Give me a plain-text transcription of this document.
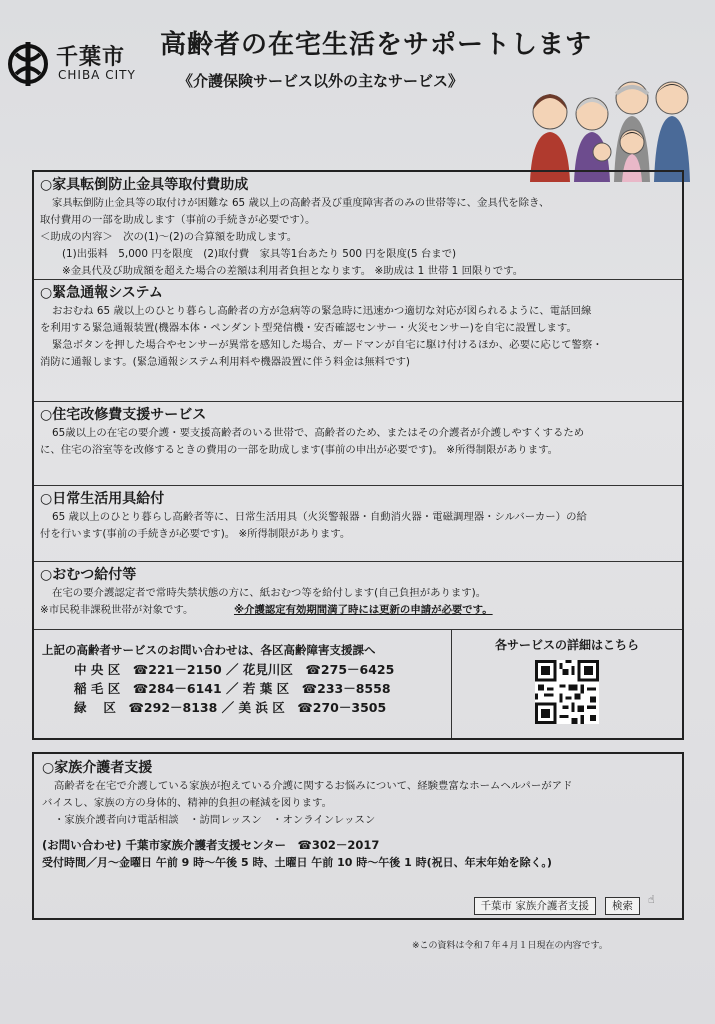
千葉市
CHIBA CITY
高齢者の在宅生活をサポートします
《介護保険サービス以外の主なサービス》
○家具転倒防止金具等取付費助成
家具転倒防止金具等の取付けが困難な 65 歳以上の高齢者及び重度障害者のみの世帯等に、金具代を除き、
取付費用の一部を助成します（事前の手続きが必要です）。
＜助成の内容＞　次の(1)～(2)の合算額を助成します。
(1)出張料　5,000 円を限度　(2)取付費　家具等1台あたり 500 円を限度(5 台まで)
※金具代及び助成額を超えた場合の差額は利用者負担となります。 ※助成は 1 世帯 1 回限りです。
○緊急通報システム
おおむね 65 歳以上のひとり暮らし高齢者の方が急病等の緊急時に迅速かつ適切な対応が図られるように、電話回線
を利用する緊急通報装置(機器本体・ペンダント型発信機・安否確認センサー・火災センサー)を自宅に設置します。
緊急ボタンを押した場合やセンサーが異常を感知した場合、ガードマンが自宅に駆け付けるほか、必要に応じて警察・
消防に通報します。(緊急通報システム利用料や機器設置に伴う料金は無料です)
○住宅改修費支援サービス
65歳以上の在宅の要介護・要支援高齢者のいる世帯で、高齢者のため、またはその介護者が介護しやすくするため
に、住宅の浴室等を改修するときの費用の一部を助成します(事前の申出が必要です)。 ※所得制限があります。
○日常生活用具給付
65 歳以上のひとり暮らし高齢者等に、日常生活用具（火災警報器・自動消火器・電磁調理器・シルバーカー）の給
付を行います(事前の手続きが必要です)。 ※所得制限があります。
○おむつ給付等
在宅の要介護認定者で常時失禁状態の方に、紙おむつ等を給付します(自己負担があります)。
※市民税非課税世帯が対象です。	※介護認定有効期間満了時には更新の申請が必要です。
上記の高齢者サービスのお問い合わせは、各区高齢障害支援課へ
中 央 区　☎221－2150 ／ 花見川区　☎275－6425
稲 毛 区　☎284－6141 ／ 若 葉 区　☎233－8558
緑　 区　☎292－8138 ／ 美 浜 区　☎270－3505
各サービスの詳細はこちら
○家族介護者支援
高齢者を在宅で介護している家族が抱えている介護に関するお悩みについて、経験豊富なホームヘルパーがアド
バイスし、家族の方の身体的、精神的負担の軽減を図ります。
・家族介護者向け電話相談　・訪問レッスン　・オンラインレッスン
(お問い合わせ) 千葉市家族介護者支援センター　☎302－2017
受付時間／月～金曜日 午前 9 時～午後 5 時、土曜日 午前 10 時～午後 1 時(祝日、年末年始を除く。)
千葉市 家族介護者支援 検索	☝
※この資料は令和７年４月１日現在の内容です。
